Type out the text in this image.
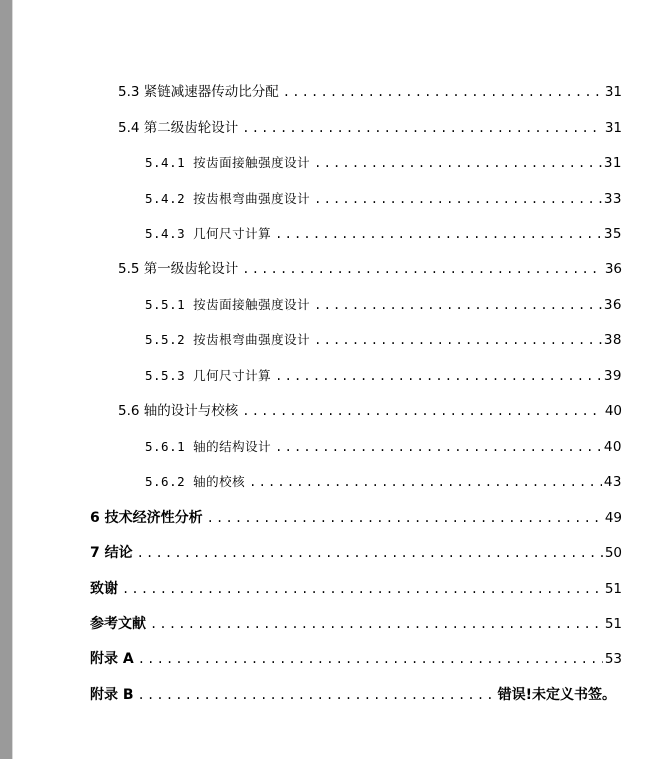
5.3 紧链减速器传动比分配 .....	31
5.4 第二级齿轮设计 .....	31
5.4.1 按齿面接触强度设计 .....	31
5.4.2 按齿根弯曲强度设计 .....	33
5.4.3 几何尺寸计算 .....	35
5.5 第一级齿轮设计 .....	36
5.5.1 按齿面接触强度设计 .....	36
5.5.2 按齿根弯曲强度设计 .....	38
5.5.3 几何尺寸计算 .....	39
5.6 轴的设计与校核 .....	40
5.6.1 轴的结构设计 .....	40
5.6.2 轴的校核 .....	43
6 技术经济性分析 .....	49
7 结论 .....	50
致谢 .....	51
参考文献 .....	51
附录 A .....	53
附录 B .....	错误!未定义书签。
